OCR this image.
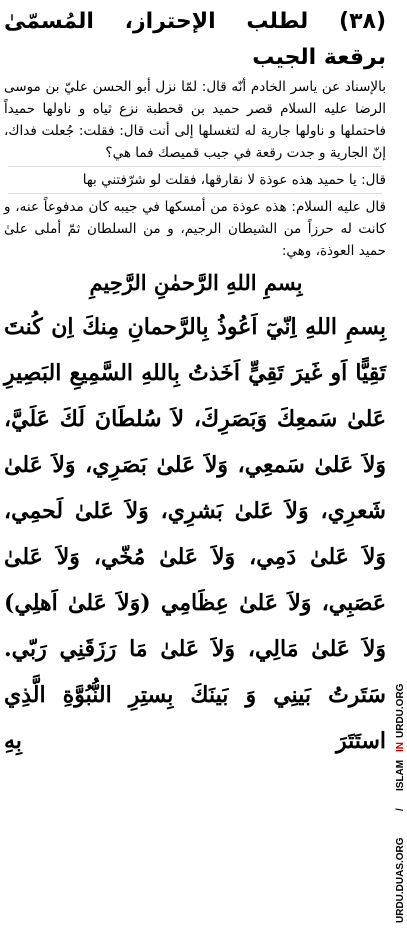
(۳۸) لطلب الإحتراز، المُسمّىٰ برقعة الجيب

بالإسناد عن ياسر الخادم أنّه قال: لمّا نزل أبو الحسن عليّ بن موسى الرضا عليه السلام قصر حميد بن قحطبة نزع ثياه و ناولها حميداً فاحتملها و ناولها جارية له لتغسلها إلى أنت قال: فقلت: جُعلت فداك، إنّ الجارية و جدت رقعة في جيب قميصك فما هي؟

قال: يا حميد هذه عوذة لا نقارقها، فقلت لو شرّفتني بها

قال عليه السلام: هذه عوذة من أمسكها في جيبه كان مدفوعاً عنه، و كانت له حرزاً من الشيطان الرجيم، و من السلطان ثمّ أملى علىٰ حميد العوذة، وهي:

بِسمِ اللهِ الرَّحمٰنِ الرَّحِيمِ

بِسمِ اللهِ اِنّيٓ اَعُوذُ بِالرَّحمانِ مِنكَ اِن كُنتَ تَقِيًّا اَو غَيرَ تَقِيٍّ اَخَذتُ بِاللهِ السَّمِيعِ البَصِيرِ عَلىٰ سَمعِكَ وَبَصَرِكَ، لاَ سُلطَانَ لَكَ عَلَيَّ، وَلاَ عَلىٰ سَمعِي، وَلاَ عَلىٰ بَصَرِي، وَلاَ عَلىٰ شَعرِي، وَلاَ عَلىٰ بَشرِي، وَلاَ عَلىٰ لَحمِي، وَلاَ عَلىٰ دَمِي، وَلاَ عَلىٰ مُخّي، وَلاَ عَلىٰ عَصَبِي، وَلاَ عَلىٰ عِظَامِي (وَلاَ عَلىٰ اَهلِي) وَلاَ عَلىٰ مَالِي، وَلاَ عَلىٰ مَا رَزَقَنِي رَبّي. سَتَرتُ بَينِي وَ بَينَكَ بِستِرِ النُّبُوَّةِ الَّذِي استَتَرَ بِهِ

URDU.DUAS.ORG
/
ISLAM
IN
URDU.ORG
